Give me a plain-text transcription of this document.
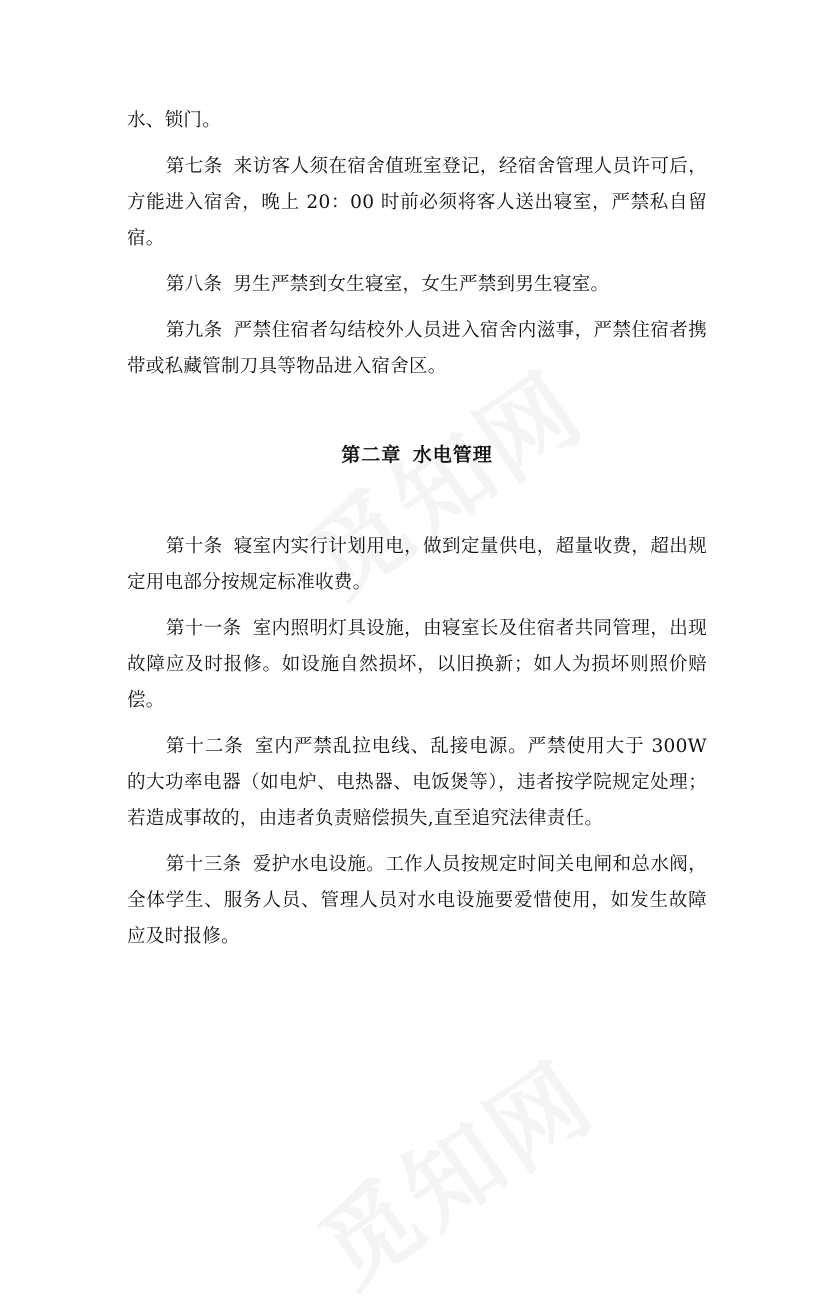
水、锁门。

第七条 来访客人须在宿舍值班室登记，经宿舍管理人员许可后，方能进入宿舍，晚上 20：00 时前必须将客人送出寝室，严禁私自留宿。

第八条 男生严禁到女生寝室，女生严禁到男生寝室。

第九条 严禁住宿者勾结校外人员进入宿舍内滋事，严禁住宿者携带或私藏管制刀具等物品进入宿舍区。

第二章 水电管理

第十条 寝室内实行计划用电，做到定量供电，超量收费，超出规定用电部分按规定标准收费。

第十一条 室内照明灯具设施，由寝室长及住宿者共同管理，出现故障应及时报修。如设施自然损坏，以旧换新；如人为损坏则照价赔偿。

第十二条 室内严禁乱拉电线、乱接电源。严禁使用大于 300W 的大功率电器（如电炉、电热器、电饭煲等），违者按学院规定处理；若造成事故的，由违者负责赔偿损失,直至追究法律责任。

第十三条 爱护水电设施。工作人员按规定时间关电闸和总水阀，全体学生、服务人员、管理人员对水电设施要爱惜使用，如发生故障应及时报修。
